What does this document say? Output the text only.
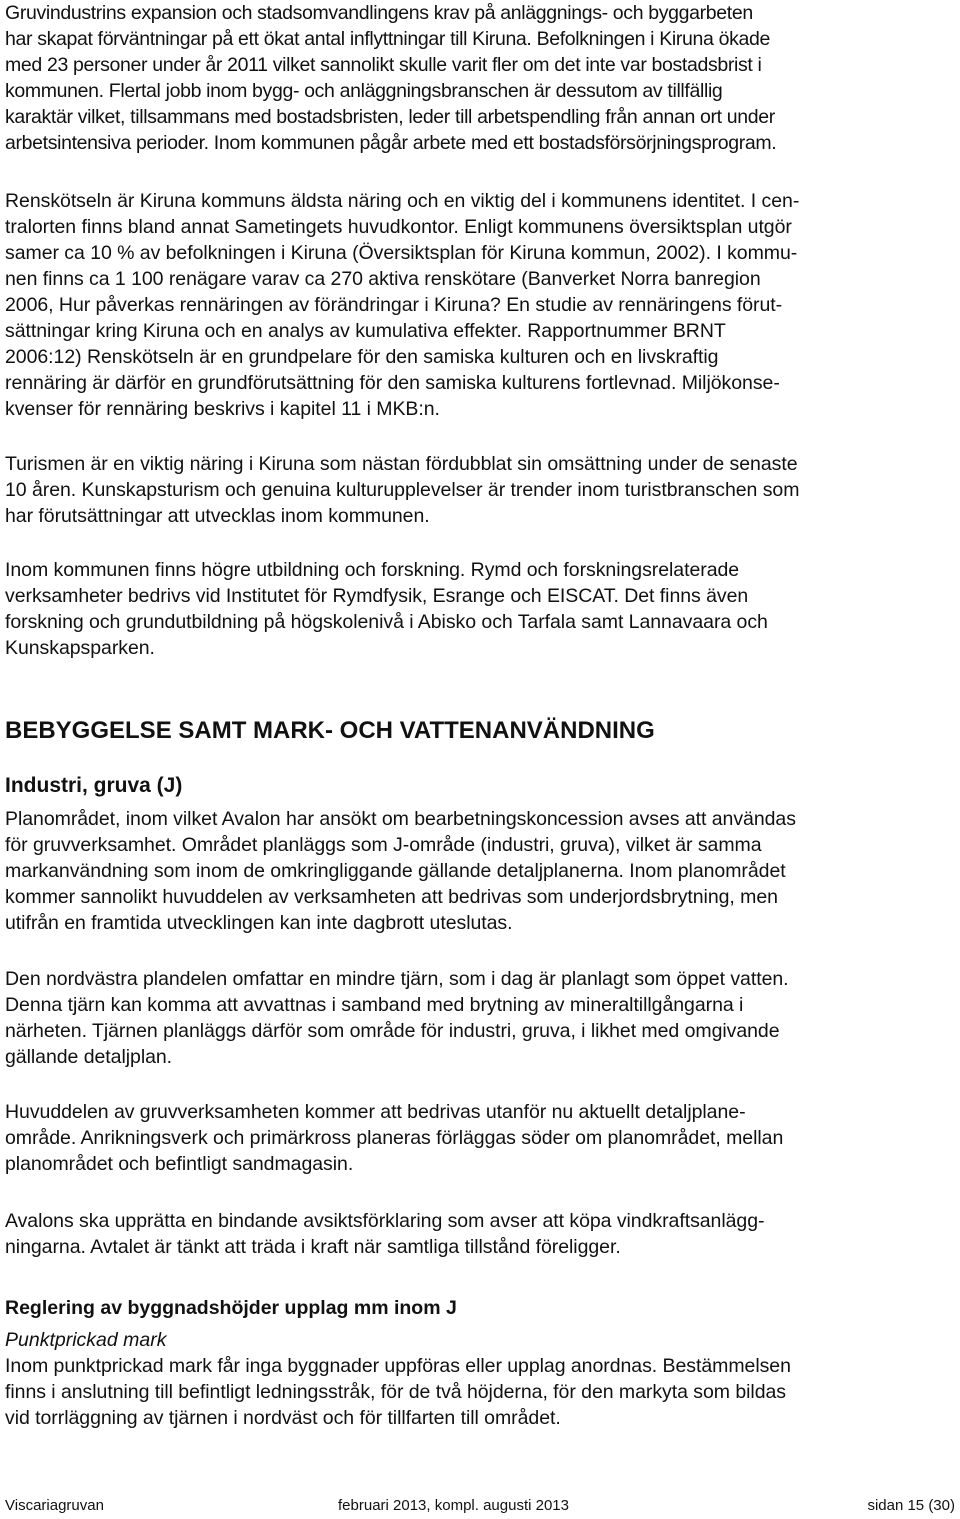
Gruvindustrins expansion och stadsomvandlingens krav på anläggnings- och byggarbeten
har skapat förväntningar på ett ökat antal inflyttningar till Kiruna. Befolkningen i Kiruna ökade
med 23 personer under år 2011 vilket sannolikt skulle varit fler om det inte var bostadsbrist i
kommunen. Flertal jobb inom bygg- och anläggningsbranschen är dessutom av tillfällig
karaktär vilket, tillsammans med bostadsbristen, leder till arbetspendling från annan ort under
arbetsintensiva perioder. Inom kommunen pågår arbete med ett bostadsförsörjningsprogram.
Renskötseln är Kiruna kommuns äldsta näring och en viktig del i kommunens identitet. I cen-
tralorten finns bland annat Sametingets huvudkontor. Enligt kommunens översiktsplan utgör
samer ca 10 % av befolkningen i Kiruna (Översiktsplan för Kiruna kommun, 2002). I kommu-
nen finns ca 1 100 renägare varav ca 270 aktiva renskötare (Banverket Norra banregion
2006, Hur påverkas rennäringen av förändringar i Kiruna? En studie av rennäringens förut-
sättningar kring Kiruna och en analys av kumulativa effekter. Rapportnummer BRNT
2006:12) Renskötseln är en grundpelare för den samiska kulturen och en livskraftig
rennäring är därför en grundförutsättning för den samiska kulturens fortlevnad. Miljökonse-
kvenser för rennäring beskrivs i kapitel 11 i MKB:n.
Turismen är en viktig näring i Kiruna som nästan fördubblat sin omsättning under de senaste
10 åren. Kunskapsturism och genuina kulturupplevelser är trender inom turistbranschen som
har förutsättningar att utvecklas inom kommunen.
Inom kommunen finns högre utbildning och forskning. Rymd och forskningsrelaterade
verksamheter bedrivs vid Institutet för Rymdfysik, Esrange och EISCAT. Det finns även
forskning och grundutbildning på högskolenivå i Abisko och Tarfala samt Lannavaara och
Kunskapsparken.
BEBYGGELSE SAMT MARK- OCH VATTENANVÄNDNING
Industri, gruva (J)
Planområdet, inom vilket Avalon har ansökt om bearbetningskoncession avses att användas
för gruvverksamhet. Området planläggs som J-område (industri, gruva), vilket är samma
markanvändning som inom de omkringliggande gällande detaljplanerna. Inom planområdet
kommer sannolikt huvuddelen av verksamheten att bedrivas som underjordsbrytning, men
utifrån en framtida utvecklingen kan inte dagbrott uteslutas.
Den nordvästra plandelen omfattar en mindre tjärn, som i dag är planlagt som öppet vatten.
Denna tjärn kan komma att avvattnas i samband med brytning av mineraltillgångarna i
närheten. Tjärnen planläggs därför som område för industri, gruva, i likhet med omgivande
gällande detaljplan.
Huvuddelen av gruvverksamheten kommer att bedrivas utanför nu aktuellt detaljplane-
område. Anrikningsverk och primärkross planeras förläggas söder om planområdet, mellan
planområdet och befintligt sandmagasin.
Avalons ska upprätta en bindande avsiktsförklaring som avser att köpa vindkraftsanlägg-
ningarna. Avtalet är tänkt att träda i kraft när samtliga tillstånd föreligger.
Reglering av byggnadshöjder upplag mm inom J
Punktprickad mark
Inom punktprickad mark får inga byggnader uppföras eller upplag anordnas. Bestämmelsen
finns i anslutning till befintligt ledningsstråk, för de två höjderna, för den markyta som bildas
vid torrläggning av tjärnen i nordväst och för tillfarten till området.
Viscariagruvan	februari 2013, kompl. augusti 2013	sidan 15 (30)
